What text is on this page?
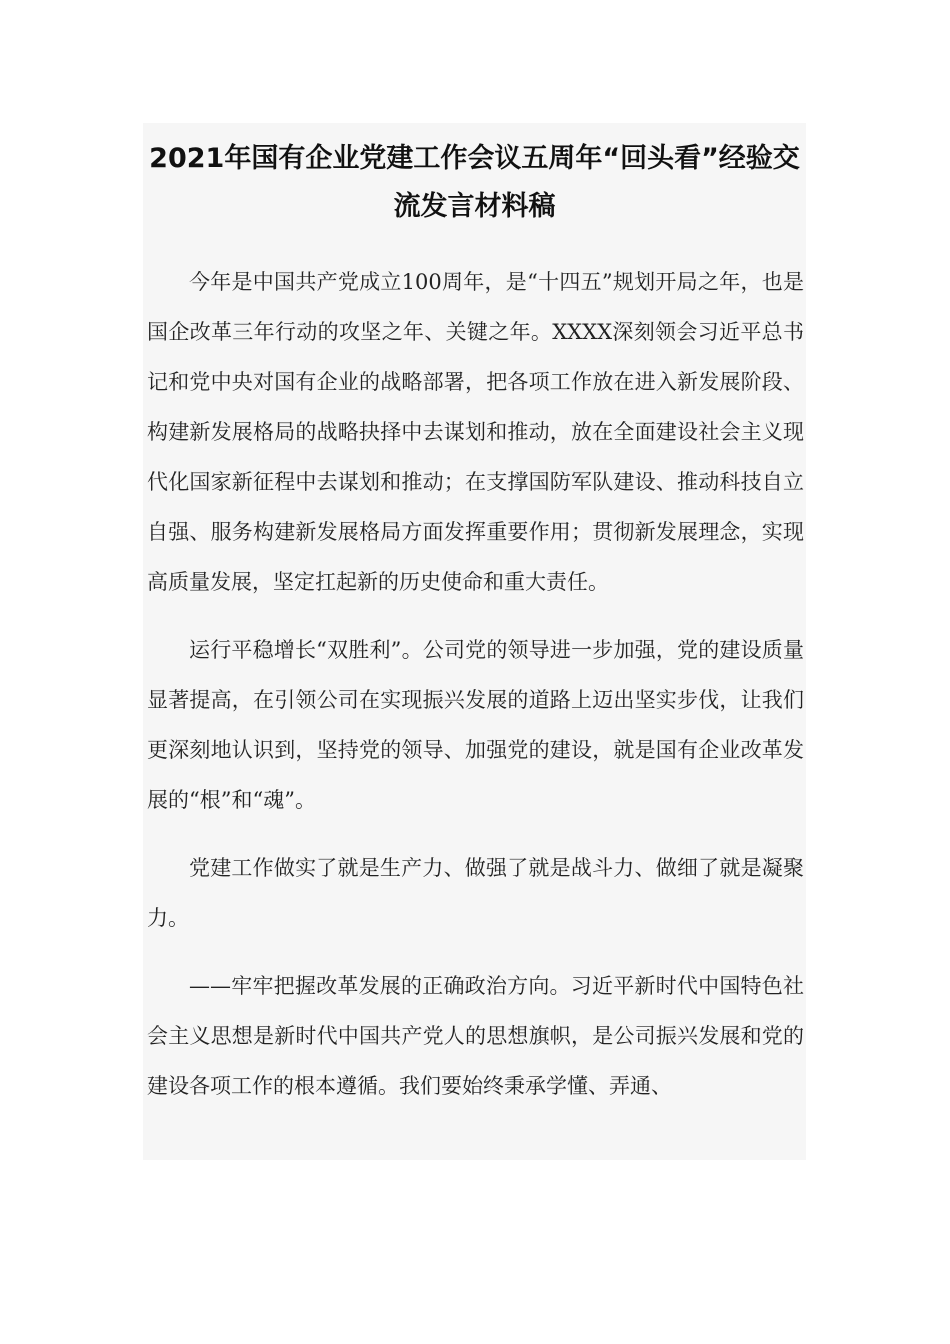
2021年国有企业党建工作会议五周年“回头看”经验交流发言材料稿

今年是中国共产党成立100周年，是“十四五”规划开局之年，也是国企改革三年行动的攻坚之年、关键之年。XXXX深刻领会习近平总书记和党中央对国有企业的战略部署，把各项工作放在进入新发展阶段、构建新发展格局的战略抉择中去谋划和推动，放在全面建设社会主义现代化国家新征程中去谋划和推动；在支撑国防军队建设、推动科技自立自强、服务构建新发展格局方面发挥重要作用；贯彻新发展理念，实现高质量发展，坚定扛起新的历史使命和重大责任。

运行平稳增长“双胜利”。公司党的领导进一步加强，党的建设质量显著提高，在引领公司在实现振兴发展的道路上迈出坚实步伐，让我们更深刻地认识到，坚持党的领导、加强党的建设，就是国有企业改革发展的“根”和“魂”。

党建工作做实了就是生产力、做强了就是战斗力、做细了就是凝聚力。

——牢牢把握改革发展的正确政治方向。习近平新时代中国特色社会主义思想是新时代中国共产党人的思想旗帜，是公司振兴发展和党的建设各项工作的根本遵循。我们要始终秉承学懂、弄通、
